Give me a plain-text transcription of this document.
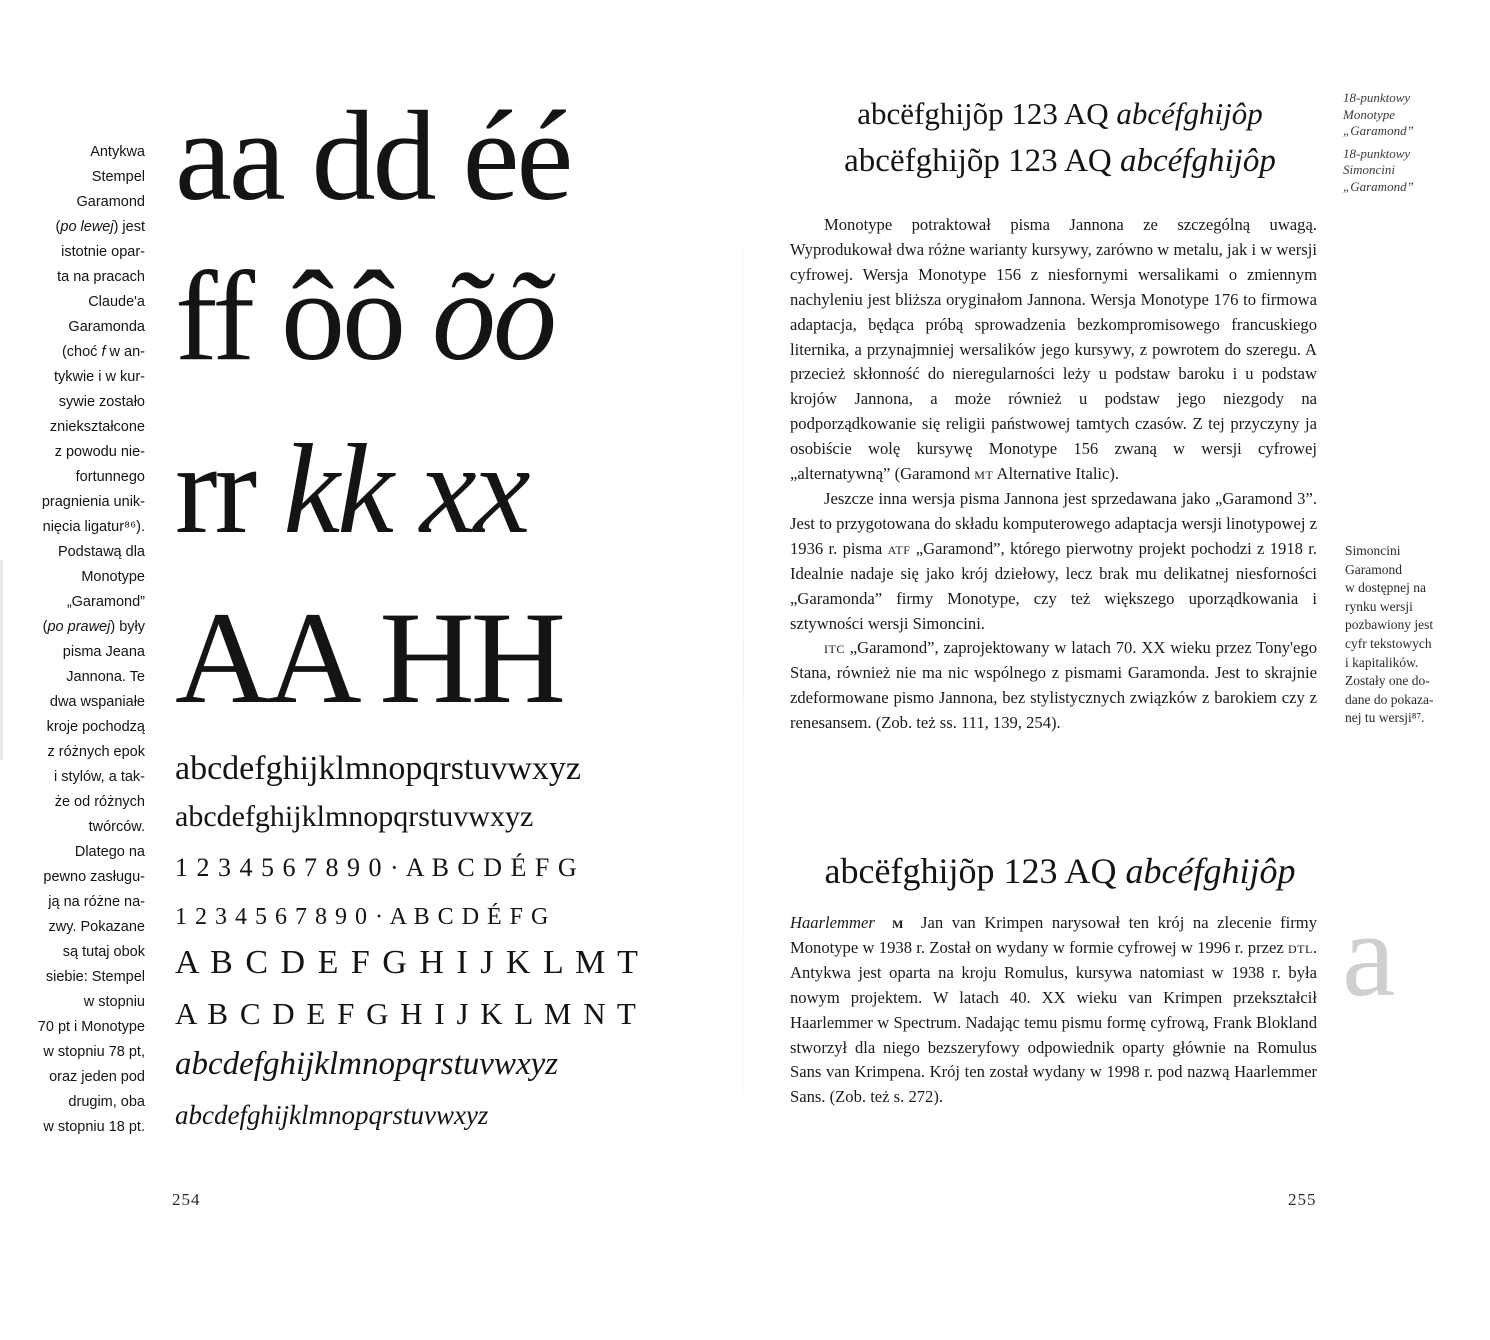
Antykwa
Stempel
Garamond
(po lewej) jest
istotnie opar-
ta na pracach
Claude'a
Garamonda
(choć f w an-
tykwie i w kur-
sywie zostało
zniekształcone
z powodu nie-
fortunnego
pragnienia unik-
nięcia ligatur⁸⁶).
Podstawą dla
Monotype
„Garamond”
(po prawej) były
pisma Jeana
Jannona. Te
dwa wspaniałe
kroje pochodzą
z różnych epok
i stylów, a tak-
że od różnych
twórców.
Dlatego na
pewno zasługu-
ją na różne na-
zwy. Pokazane
są tutaj obok
siebie: Stempel
w stopniu
70 pt i Monotype
w stopniu 78 pt,
oraz jeden pod
drugim, oba
w stopniu 18 pt.
aa dd éé
ff ôô õõ
rr kk xx
AA HH
abcdefghijklmnopqrstuvwxyz
abcdefghijklmnopqrstuvwxyz
1 2 3 4 5 6 7 8 9 0 · A B C D É F G
1 2 3 4 5 6 7 8 9 0 · A B C D É F G
A B C D E F G H I J K L M T
A B C D E F G H I J K L M N T
abcdefghijklmnopqrstuvwxyz
abcdefghijklmnopqrstuvwxyz
254
abcëfghijõp 123 AQ abcéfghijôp
abcëfghijõp 123 AQ abcéfghijôp
18-punktowy
Monotype
„Garamond”
18-punktowy
Simoncini
„Garamond”

Monotype potraktował pisma Jannona ze szczególną uwagą. Wyprodukował dwa różne warianty kursywy, zarówno w metalu, jak i w wersji cyfrowej. Wersja Monotype 156 z niesfornymi wersalikami o zmiennym nachyleniu jest bliższa oryginałom Jannona. Wersja Monotype 176 to firmowa adaptacja, będąca próbą sprowadzenia bezkompromisowego francuskiego liternika, a przynajmniej wersalików jego kursywy, z powrotem do szeregu. A przecież skłonność do nieregularności leży u podstaw baroku i u podstaw krojów Jannona, a może również u podstaw jego niezgody na podporządkowanie się religii państwowej tamtych czasów. Z tej przyczyny ja osobiście wolę kursywę Monotype 156 zwaną w wersji cyfrowej „alternatywną” (Garamond mt Alternative Italic).

Jeszcze inna wersja pisma Jannona jest sprzedawana jako „Garamond 3”. Jest to przygotowana do składu komputerowego adaptacja wersji linotypowej z 1936 r. pisma atf „Garamond”, którego pierwotny projekt pochodzi z 1918 r. Idealnie nadaje się jako krój dziełowy, lecz brak mu delikatnej niesforności „Garamonda” firmy Monotype, czy też większego uporządkowania i sztywności wersji Simoncini.

itc „Garamond”, zaprojektowany w latach 70. XX wieku przez Tony'ego Stana, również nie ma nic wspólnego z pismami Garamonda. Jest to skrajnie zdeformowane pismo Jannona, bez stylistycznych związków z barokiem czy z renesansem. (Zob. też ss. 111, 139, 254).

Simoncini
Garamond
w dostępnej na
rynku wersji
pozbawiony jest
cyfr tekstowych
i kapitalików.
Zostały one do-
dane do pokaza-
nej tu wersji⁸⁷.
abcëfghijõp 123 AQ abcéfghijôp

Haarlemmer m Jan van Krimpen narysował ten krój na zlecenie firmy Monotype w 1938 r. Został on wydany w formie cyfrowej w 1996 r. przez dtl. Antykwa jest oparta na kroju Romulus, kursywa natomiast w 1938 r. była nowym projektem. W latach 40. XX wieku van Krimpen przekształcił Haarlemmer w Spectrum. Nadając temu pismu formę cyfrową, Frank Blokland stworzył dla niego bezszeryfowy odpowiednik oparty głównie na Romulus Sans van Krimpena. Krój ten został wydany w 1998 r. pod nazwą Haarlemmer Sans. (Zob. też s. 272).

a
255
